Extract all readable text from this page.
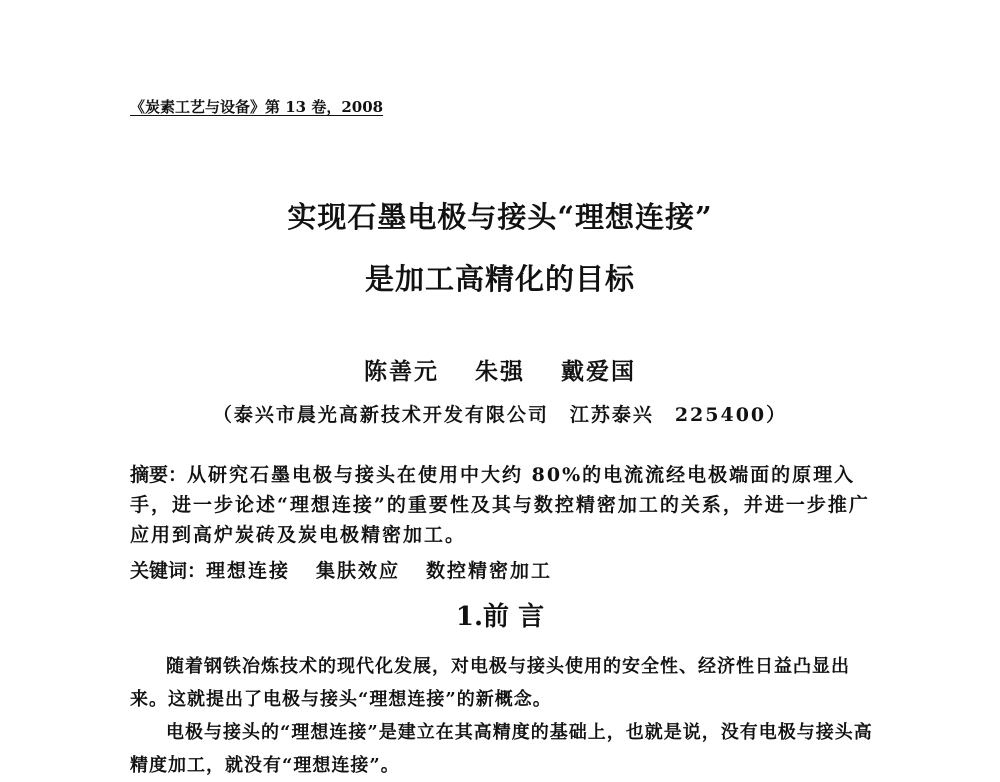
《炭素工艺与设备》第 13 卷，2008
实现石墨电极与接头“理想连接”
是加工高精化的目标
陈善元 朱强 戴爱国
（泰兴市晨光高新技术开发有限公司　江苏泰兴　225400）
摘要：从研究石墨电极与接头在使用中大约 80%的电流流经电极端面的原理入手，进一步论述“理想连接”的重要性及其与数控精密加工的关系，并进一步推广应用到高炉炭砖及炭电极精密加工。
关键词：理想连接 集肤效应 数控精密加工
1.前 言

随着钢铁冶炼技术的现代化发展，对电极与接头使用的安全性、经济性日益凸显出来。这就提出了电极与接头“理想连接”的新概念。

电极与接头的“理想连接”是建立在其高精度的基础上，也就是说，没有电极与接头高精度加工，就没有“理想连接”。
